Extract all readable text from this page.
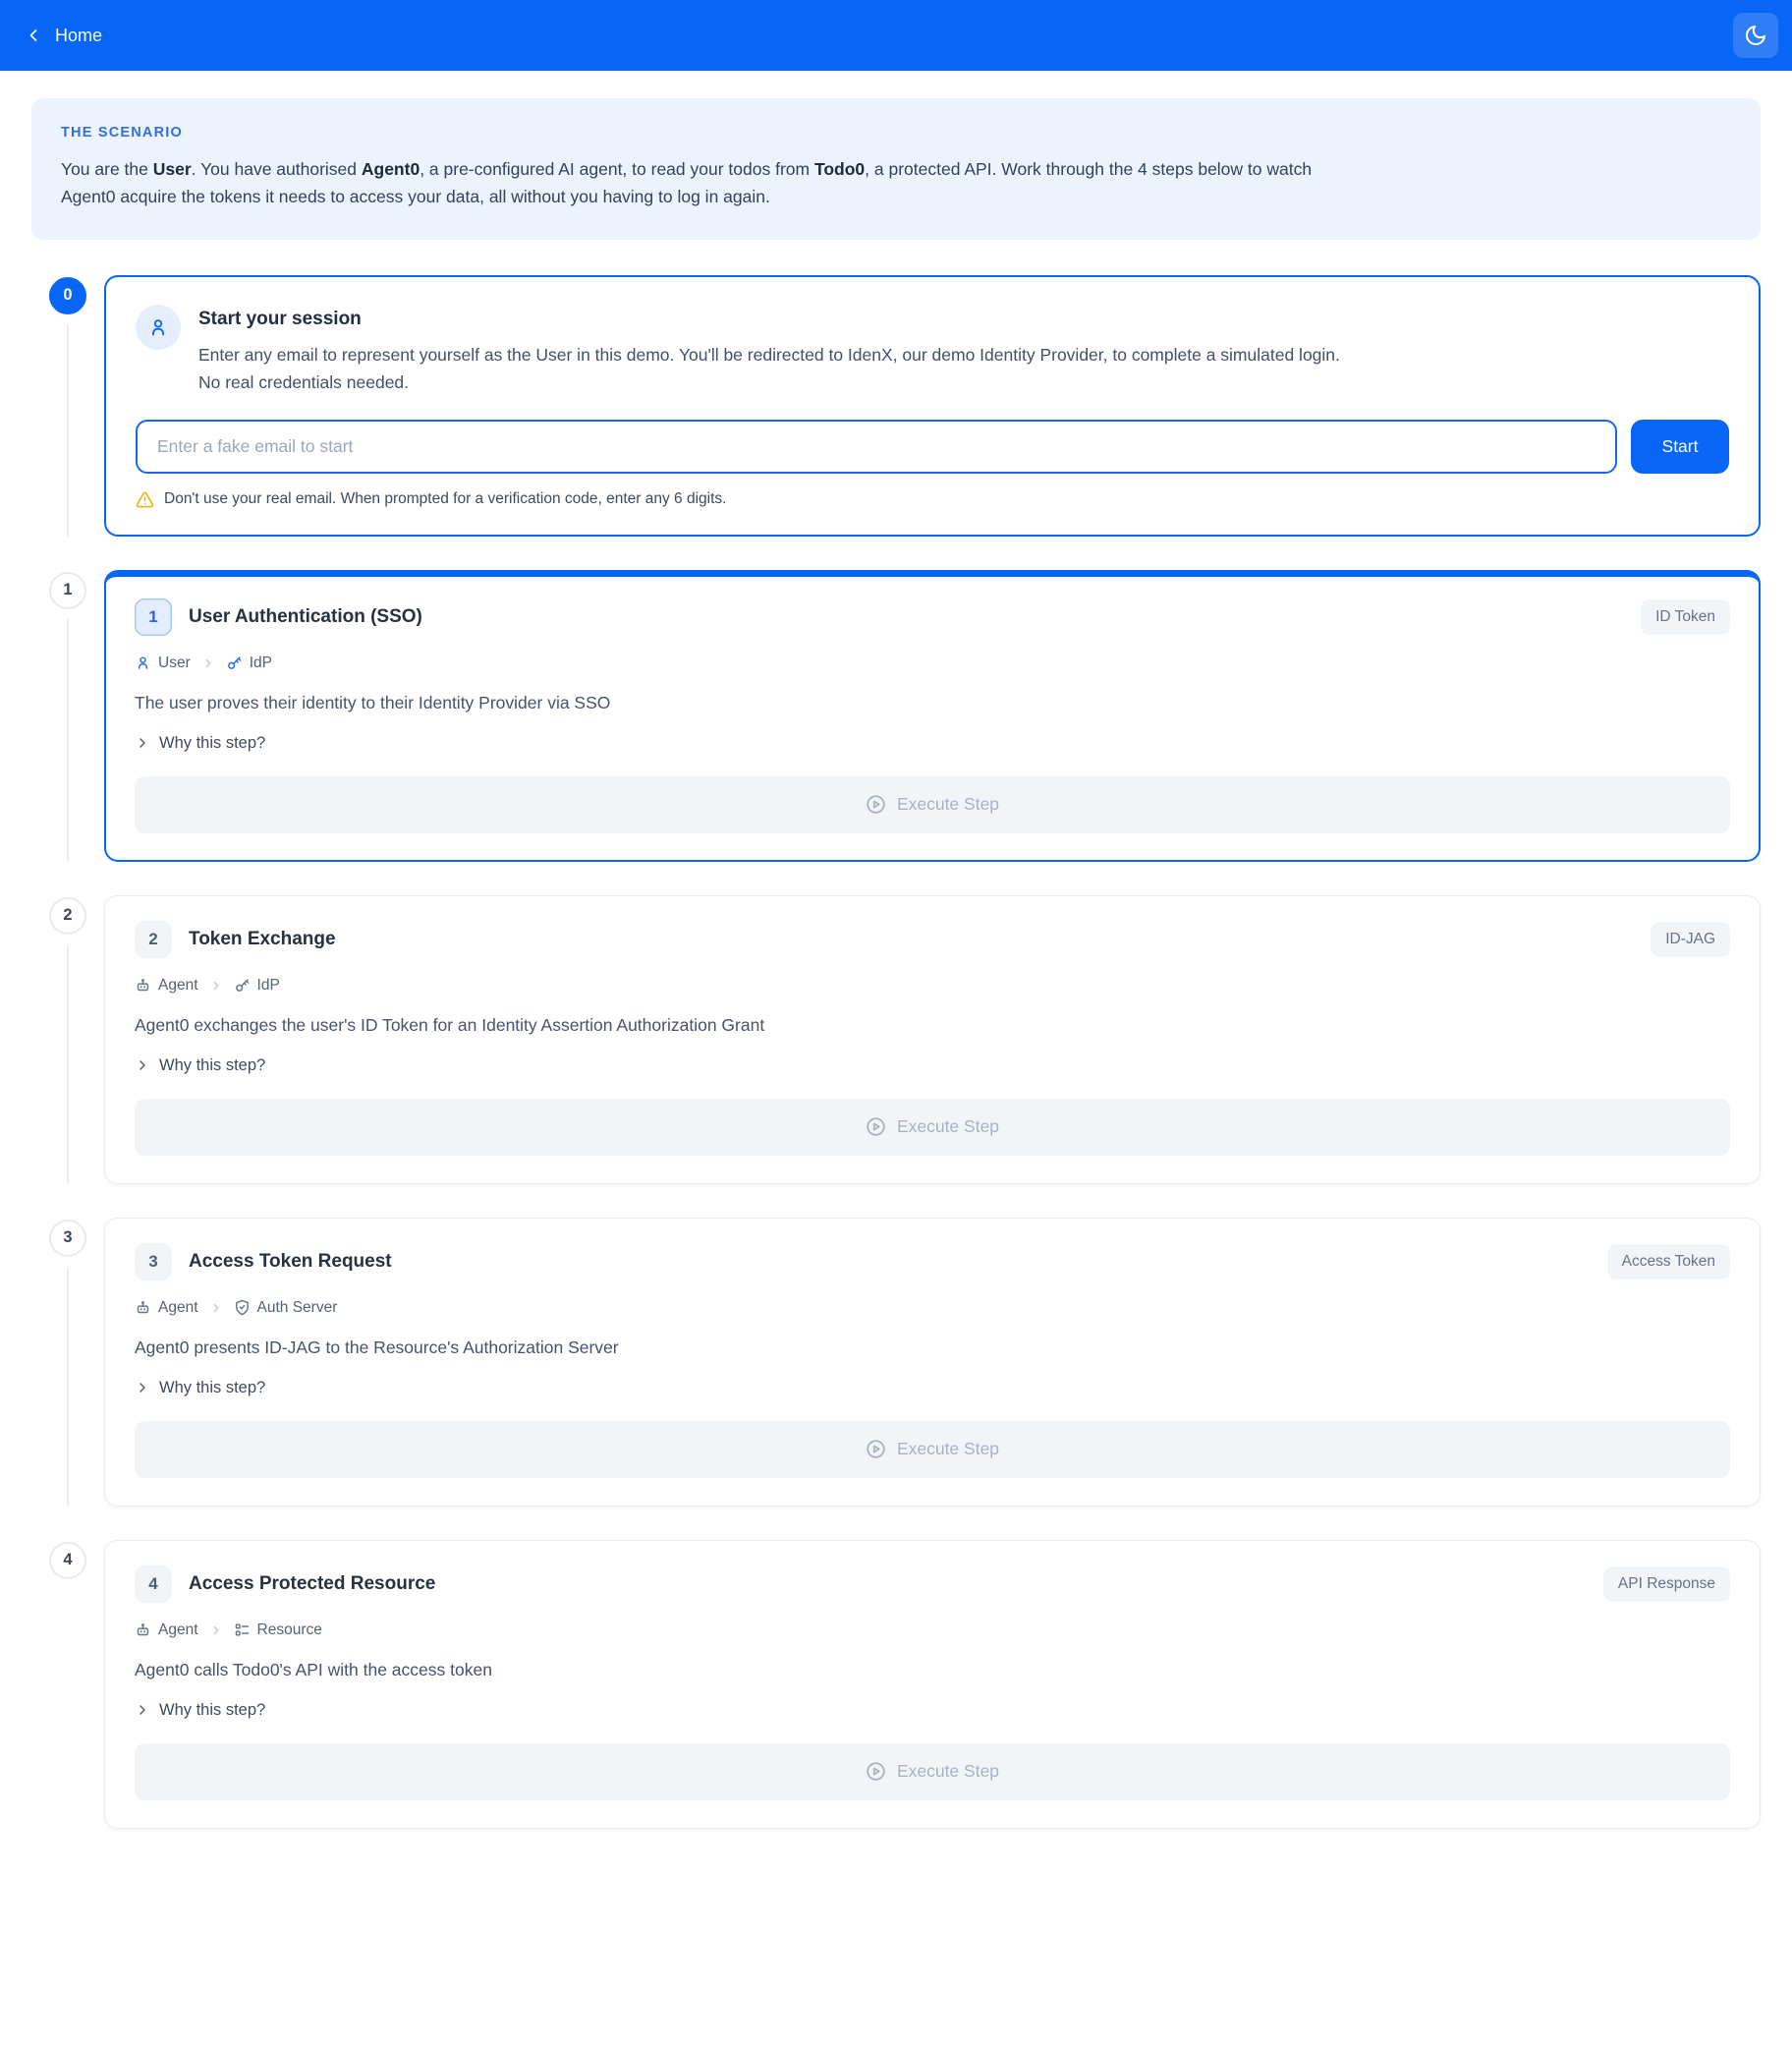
Home
THE SCENARIO
You are the User. You have authorised Agent0, a pre-configured AI agent, to read your todos from Todo0, a protected API. Work through the 4 steps below to watch Agent0 acquire the tokens it needs to access your data, all without you having to log in again.
0
Start your session
Enter any email to represent yourself as the User in this demo. You'll be redirected to IdenX, our demo Identity Provider, to complete a simulated login. No real credentials needed.
Enter a fake email to start
Start
Don't use your real email. When prompted for a verification code, enter any 6 digits.
1
1	User Authentication (SSO)	ID Token
User	IdP
The user proves their identity to their Identity Provider via SSO
Why this step?
Execute Step
2
2	Token Exchange	ID-JAG
Agent	IdP
Agent0 exchanges the user's ID Token for an Identity Assertion Authorization Grant
Why this step?
Execute Step
3
3	Access Token Request	Access Token
Agent	Auth Server
Agent0 presents ID-JAG to the Resource's Authorization Server
Why this step?
Execute Step
4
4	Access Protected Resource	API Response
Agent	Resource
Agent0 calls Todo0's API with the access token
Why this step?
Execute Step
